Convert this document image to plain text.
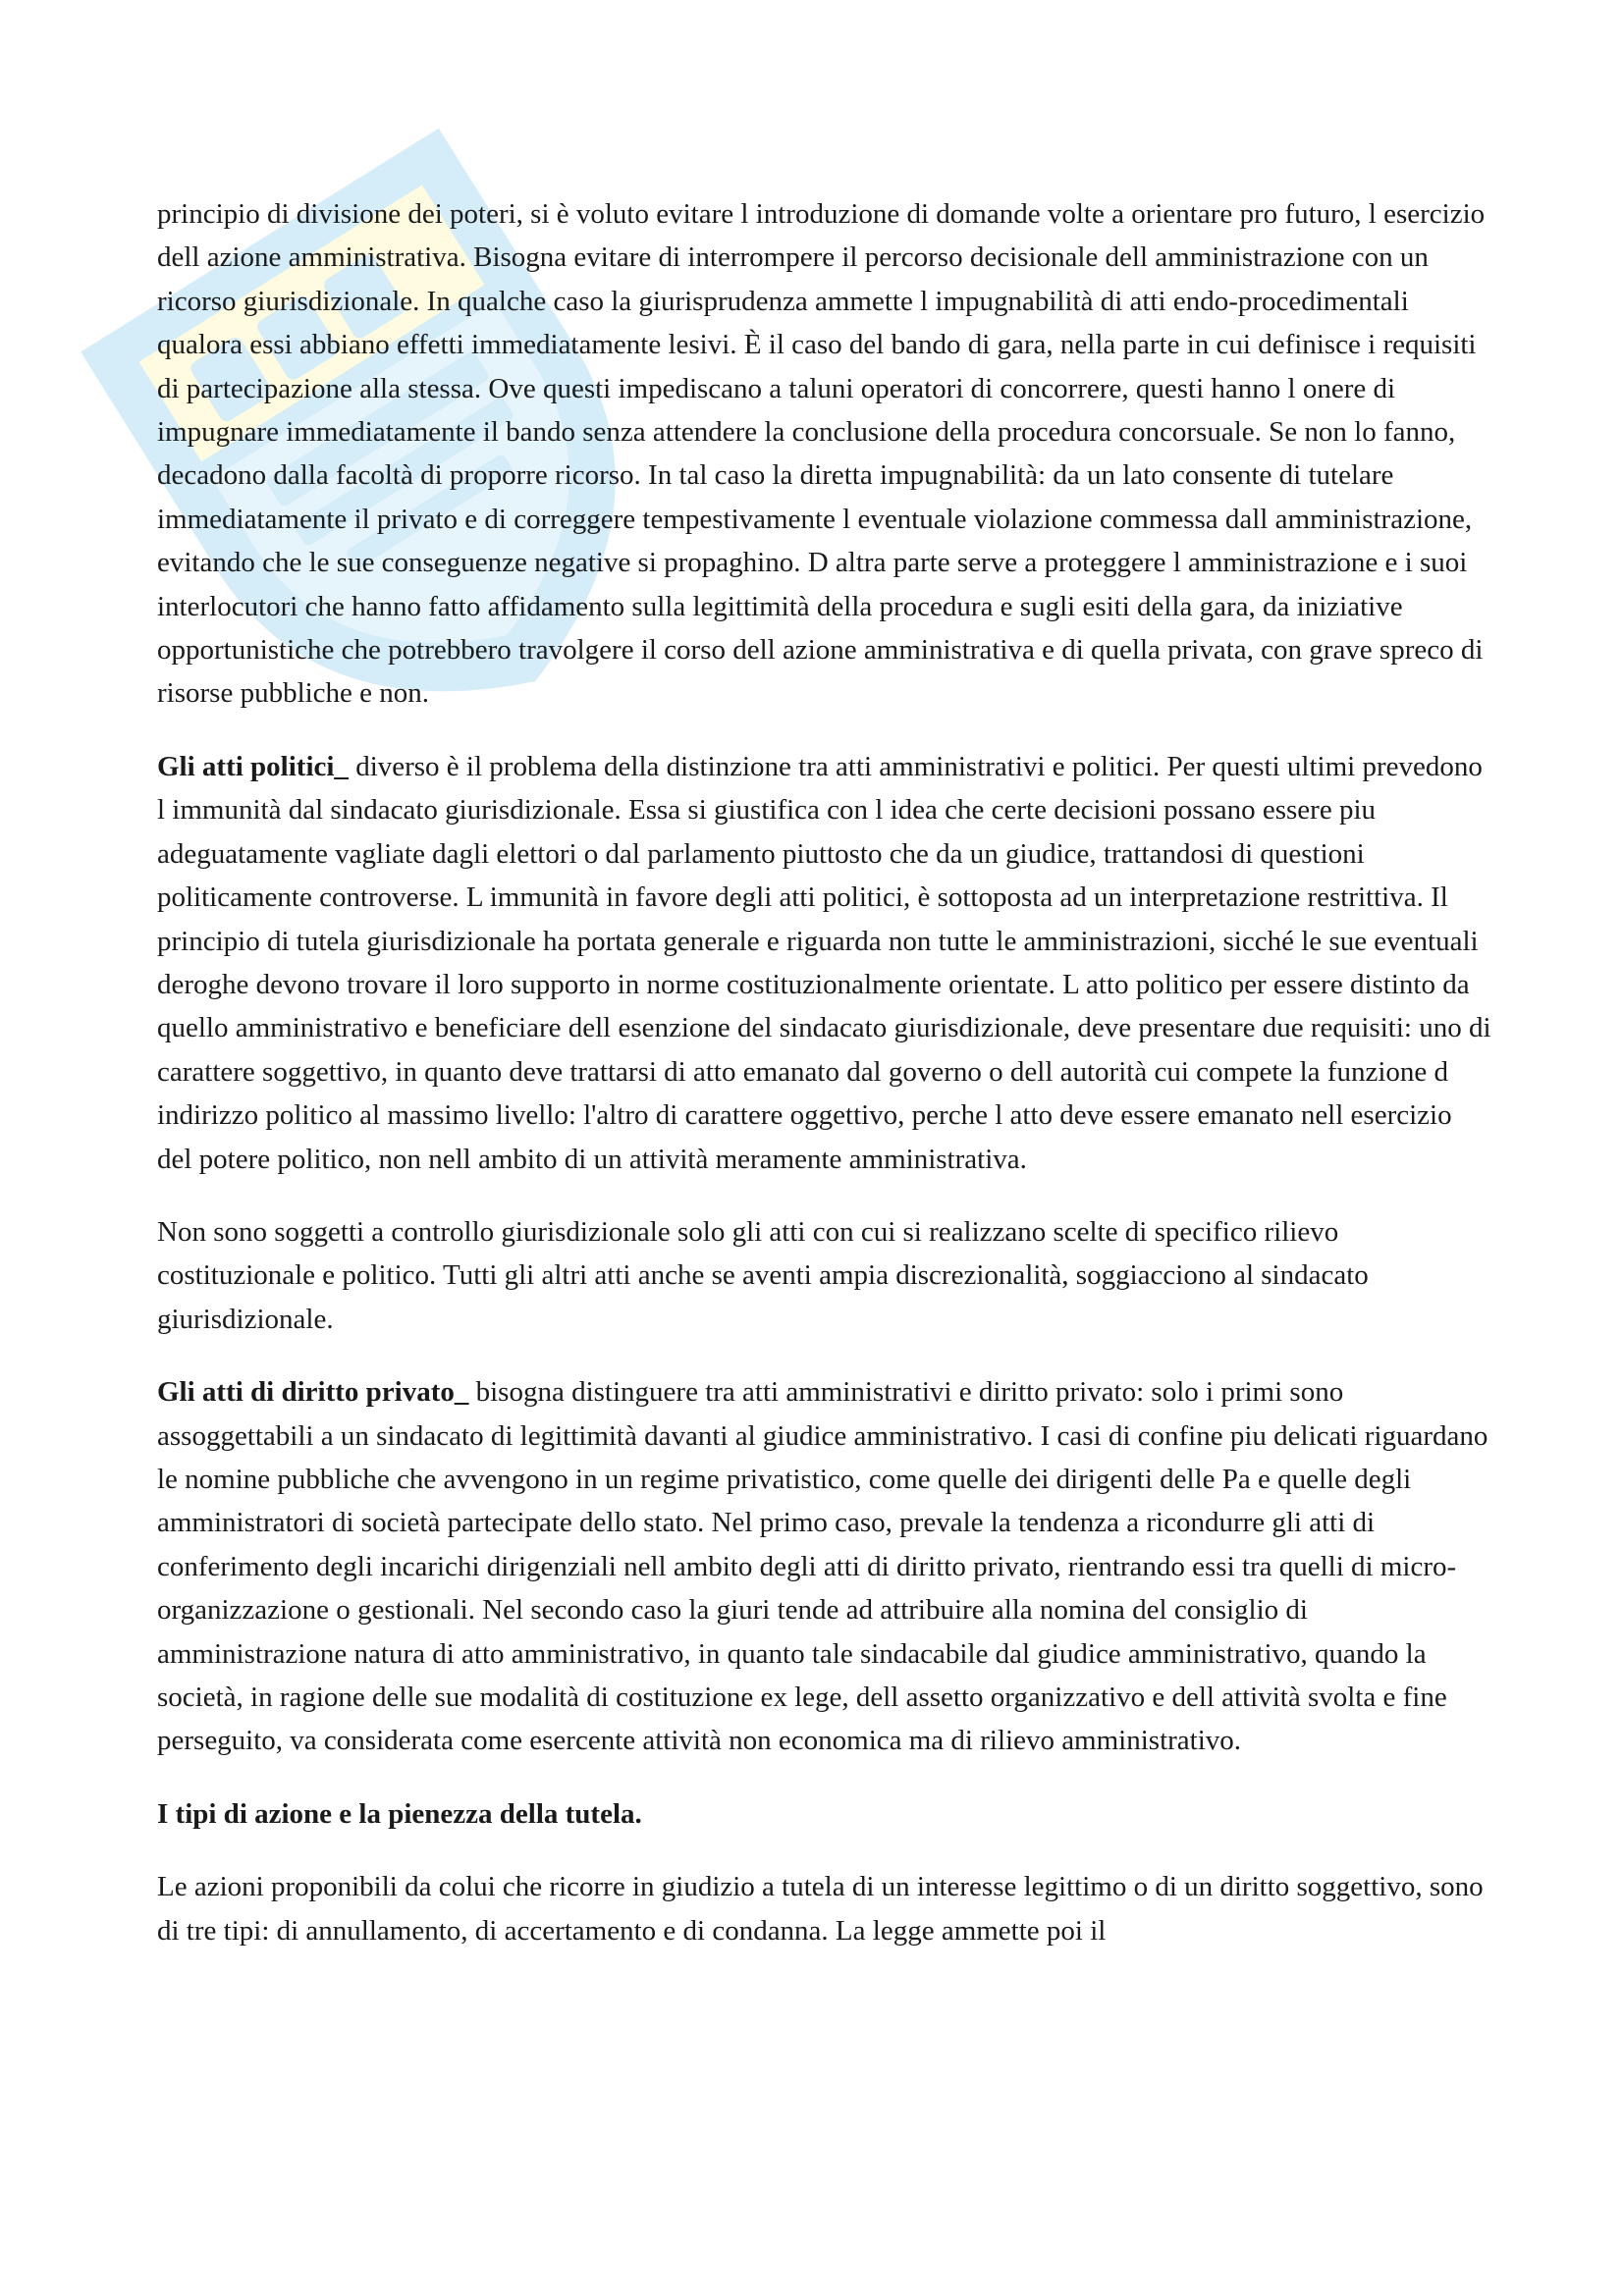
principio di divisione dei poteri, si è voluto evitare l introduzione di domande volte a orientare pro futuro, l esercizio dell azione amministrativa. Bisogna evitare di interrompere il percorso decisionale dell amministrazione con un ricorso giurisdizionale. In qualche caso la giurisprudenza ammette l impugnabilità di atti endo-procedimentali qualora essi abbiano effetti immediatamente lesivi. È il caso del bando di gara, nella parte in cui definisce i requisiti di partecipazione alla stessa. Ove questi impediscano a taluni operatori di concorrere, questi hanno l onere di impugnare immediatamente il bando senza attendere la conclusione della procedura concorsuale. Se non lo fanno, decadono dalla facoltà di proporre ricorso. In tal caso la diretta impugnabilità: da un lato consente di tutelare immediatamente il privato e di correggere tempestivamente l eventuale violazione commessa dall amministrazione, evitando che le sue conseguenze negative si propaghino. D altra parte serve a proteggere l amministrazione e i suoi interlocutori che hanno fatto affidamento sulla legittimità della procedura e sugli esiti della gara, da iniziative opportunistiche che potrebbero travolgere il corso dell azione amministrativa e di quella privata, con grave spreco di risorse pubbliche e non.

Gli atti politici_ diverso è il problema della distinzione tra atti amministrativi e politici. Per questi ultimi prevedono l immunità dal sindacato giurisdizionale. Essa si giustifica con l idea che certe decisioni possano essere piu adeguatamente vagliate dagli elettori o dal parlamento piuttosto che da un giudice, trattandosi di questioni politicamente controverse. L immunità in favore degli atti politici, è sottoposta ad un interpretazione restrittiva. Il principio di tutela giurisdizionale ha portata generale e riguarda non tutte le amministrazioni, sicché le sue eventuali deroghe devono trovare il loro supporto in norme costituzionalmente orientate. L atto politico per essere distinto da quello amministrativo e beneficiare dell esenzione del sindacato giurisdizionale, deve presentare due requisiti: uno di carattere soggettivo, in quanto deve trattarsi di atto emanato dal governo o dell autorità cui compete la funzione d indirizzo politico al massimo livello: l'altro di carattere oggettivo, perche l atto deve essere emanato nell esercizio del potere politico, non nell ambito di un attività meramente amministrativa.

Non sono soggetti a controllo giurisdizionale solo gli atti con cui si realizzano scelte di specifico rilievo costituzionale e politico. Tutti gli altri atti anche se aventi ampia discrezionalità, soggiacciono al sindacato giurisdizionale.

Gli atti di diritto privato_ bisogna distinguere tra atti amministrativi e diritto privato: solo i primi sono assoggettabili a un sindacato di legittimità davanti al giudice amministrativo. I casi di confine piu delicati riguardano le nomine pubbliche che avvengono in un regime privatistico, come quelle dei dirigenti delle Pa e quelle degli amministratori di società partecipate dello stato. Nel primo caso, prevale la tendenza a ricondurre gli atti di conferimento degli incarichi dirigenziali nell ambito degli atti di diritto privato, rientrando essi tra quelli di micro-organizzazione o gestionali. Nel secondo caso la giuri tende ad attribuire alla nomina del consiglio di amministrazione natura di atto amministrativo, in quanto tale sindacabile dal giudice amministrativo, quando la società, in ragione delle sue modalità di costituzione ex lege, dell assetto organizzativo e dell attività svolta e fine perseguito, va considerata come esercente attività non economica ma di rilievo amministrativo.

I tipi di azione e la pienezza della tutela.

Le azioni proponibili da colui che ricorre in giudizio a tutela di un interesse legittimo o di un diritto soggettivo, sono di tre tipi: di annullamento, di accertamento e di condanna. La legge ammette poi il
